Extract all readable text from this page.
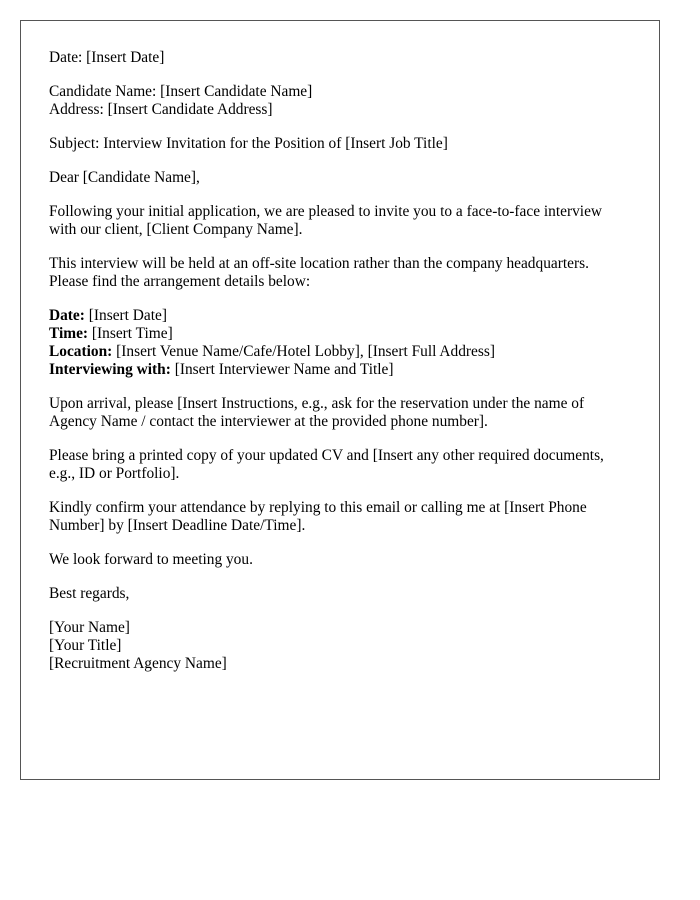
Date: [Insert Date]

Candidate Name: [Insert Candidate Name]
Address: [Insert Candidate Address]

Subject: Interview Invitation for the Position of [Insert Job Title]

Dear [Candidate Name],

Following your initial application, we are pleased to invite you to a face-to-face interview
with our client, [Client Company Name].

This interview will be held at an off-site location rather than the company headquarters.
Please find the arrangement details below:

Date: [Insert Date]
Time: [Insert Time]
Location: [Insert Venue Name/Cafe/Hotel Lobby], [Insert Full Address]
Interviewing with: [Insert Interviewer Name and Title]

Upon arrival, please [Insert Instructions, e.g., ask for the reservation under the name of
Agency Name / contact the interviewer at the provided phone number].

Please bring a printed copy of your updated CV and [Insert any other required documents,
e.g., ID or Portfolio].

Kindly confirm your attendance by replying to this email or calling me at [Insert Phone
Number] by [Insert Deadline Date/Time].

We look forward to meeting you.

Best regards,

[Your Name]
[Your Title]
[Recruitment Agency Name]
